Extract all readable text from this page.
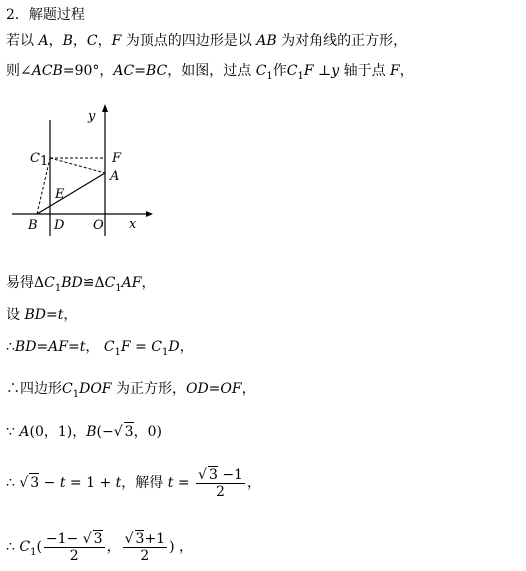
2．解题过程
若以 A，B，C，F 为顶点的四边形是以 AB 为对角线的正方形，
则∠ACB=90°，AC=BC，如图，过点 $C_1$作$C_1F$ ⊥y 轴于点 F，
y
x
C 1	F
A
E
B D O
易得$\Delta C_1BD≌\Delta C_1AF$，
设 BD=t，
∴BD=AF=t， $C_1F = C_1D$，
∴四边形$C_1DOF$ 为正方形，OD=OF，
∵ A(0，1)，B(−√ 3，0)
∴ √ 3 − t = 1 + t，解得 $t = \frac{√ 3 -1}{2}$ ，
∴ $C_1( \frac{-1- √ 3}{2}$ ， $\frac{√ 3+1}{2}$ ) ，
